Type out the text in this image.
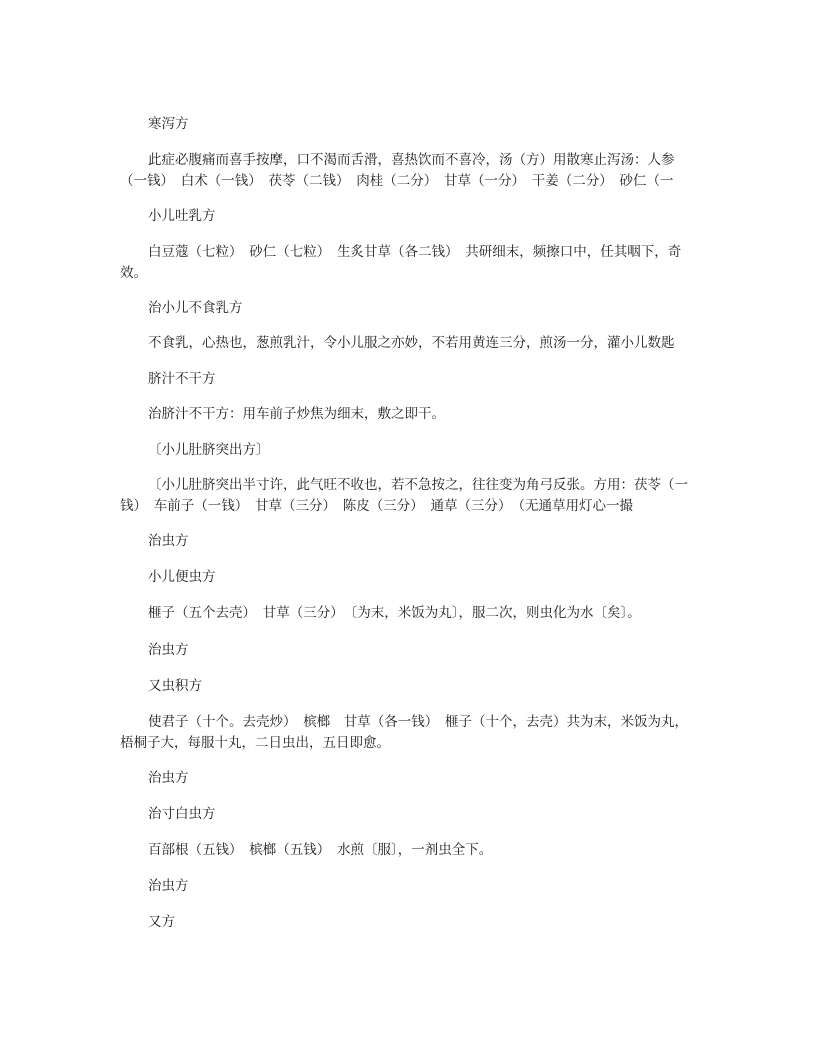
寒泻方
此症必腹痛而喜手按摩，口不渴而舌滑，喜热饮而不喜冷，汤（方）用散寒止泻汤：人参
（一钱）　白术（一钱）　茯苓（二钱）　肉桂（二分）　甘草（一分）　干姜（二分）　砂仁（一
小儿吐乳方
白豆蔻（七粒）　砂仁（七粒）　生炙甘草（各二钱）　共研细末，频擦口中，任其咽下，奇
效。
治小儿不食乳方
不食乳，心热也，葱煎乳汁，令小儿服之亦妙，不若用黄连三分，煎汤一分，灌小儿数匙
脐汁不干方
治脐汁不干方：用车前子炒焦为细末，敷之即干。
〔小儿肚脐突出方〕
〔小儿肚脐突出半寸许，此气旺不收也，若不急按之，往往变为角弓反张。方用：茯苓（一
钱）　车前子（一钱）　甘草（三分）　陈皮（三分）　通草（三分）　（无通草用灯心一撮
治虫方
小儿便虫方
榧子（五个去壳）　甘草（三分）　〔为末，米饭为丸〕，服二次，则虫化为水〔矣〕。
治虫方
又虫积方
使君子（十个。去壳炒）　槟榔　甘草（各一钱）　榧子（十个，去壳）共为末，米饭为丸，
梧桐子大，每服十丸，二日虫出，五日即愈。
治虫方
治寸白虫方
百部根（五钱）　槟榔（五钱）　水煎〔服〕，一剂虫全下。
治虫方
又方
